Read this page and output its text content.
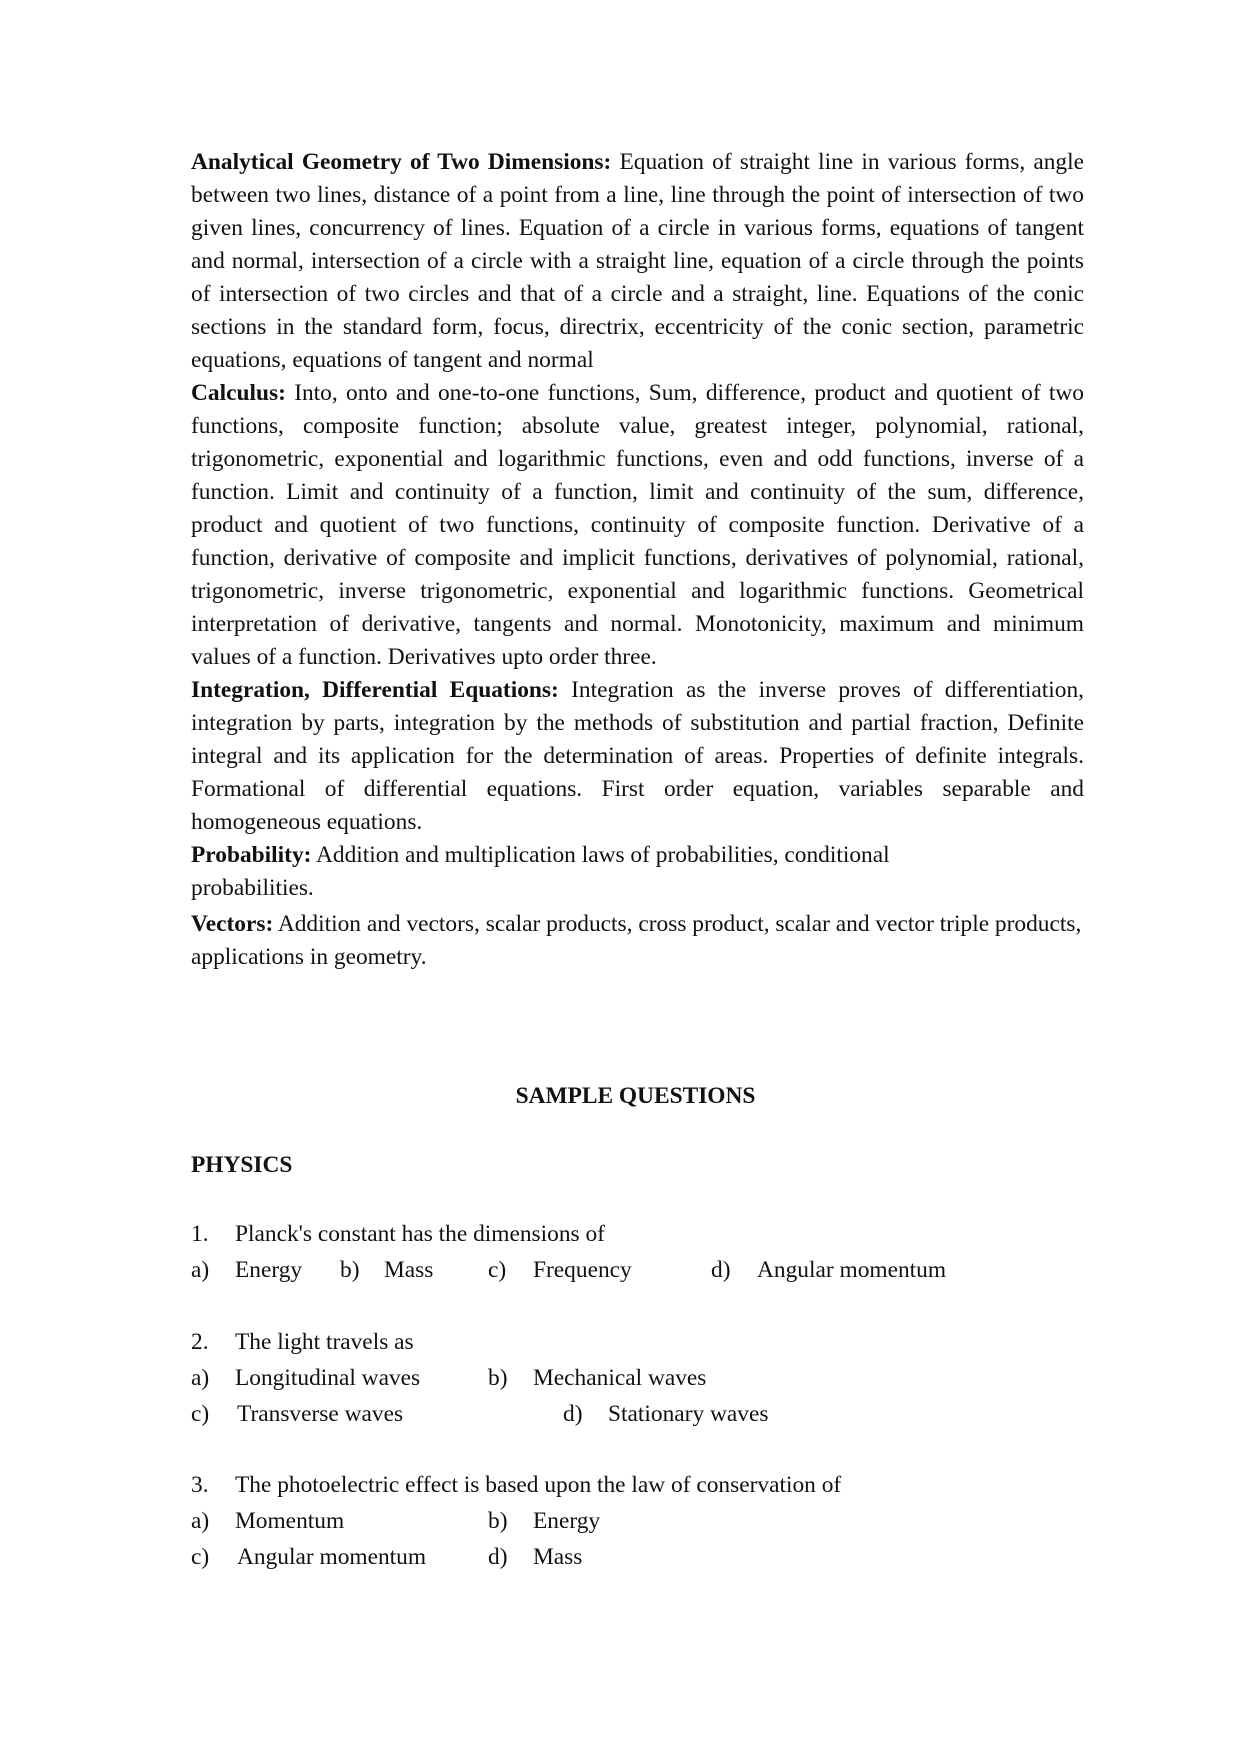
Analytical Geometry of Two Dimensions: Equation of straight line in various forms, angle between two lines, distance of a point from a line, line through the point of intersection of two given lines, concurrency of lines. Equation of a circle in various forms, equations of tangent and normal, intersection of a circle with a straight line, equation of a circle through the points of intersection of two circles and that of a circle and a straight, line. Equations of the conic sections in the standard form, focus, directrix, eccentricity of the conic section, parametric equations, equations of tangent and normal

Calculus: Into, onto and one-to-one functions, Sum, difference, product and quotient of two functions, composite function; absolute value, greatest integer, polynomial, rational, trigonometric, exponential and logarithmic functions, even and odd functions, inverse of a function. Limit and continuity of a function, limit and continuity of the sum, difference, product and quotient of two functions, continuity of composite function. Derivative of a function, derivative of composite and implicit functions, derivatives of polynomial, rational, trigonometric, inverse trigonometric, exponential and logarithmic functions. Geometrical interpretation of derivative, tangents and normal. Monotonicity, maximum and minimum values of a function. Derivatives upto order three.

Integration, Differential Equations: Integration as the inverse proves of differentiation, integration by parts, integration by the methods of substitution and partial fraction, Definite integral and its application for the determination of areas. Properties of definite integrals. Formational of differential equations. First order equation, variables separable and homogeneous equations.

Probability: Addition and multiplication laws of probabilities, conditional probabilities.

Vectors: Addition and vectors, scalar products, cross product, scalar and vector triple products, applications in geometry.

SAMPLE QUESTIONS
PHYSICS
1. Planck's constant has the dimensions of
a) Energy b) Mass c) Frequency	d) Angular momentum
2. The light travels as
a) Longitudinal waves	b) Mechanical waves
c) Transverse waves	d) Stationary waves
3. The photoelectric effect is based upon the law of conservation of
a) Momentum	b) Energy
c) Angular momentum	d) Mass
